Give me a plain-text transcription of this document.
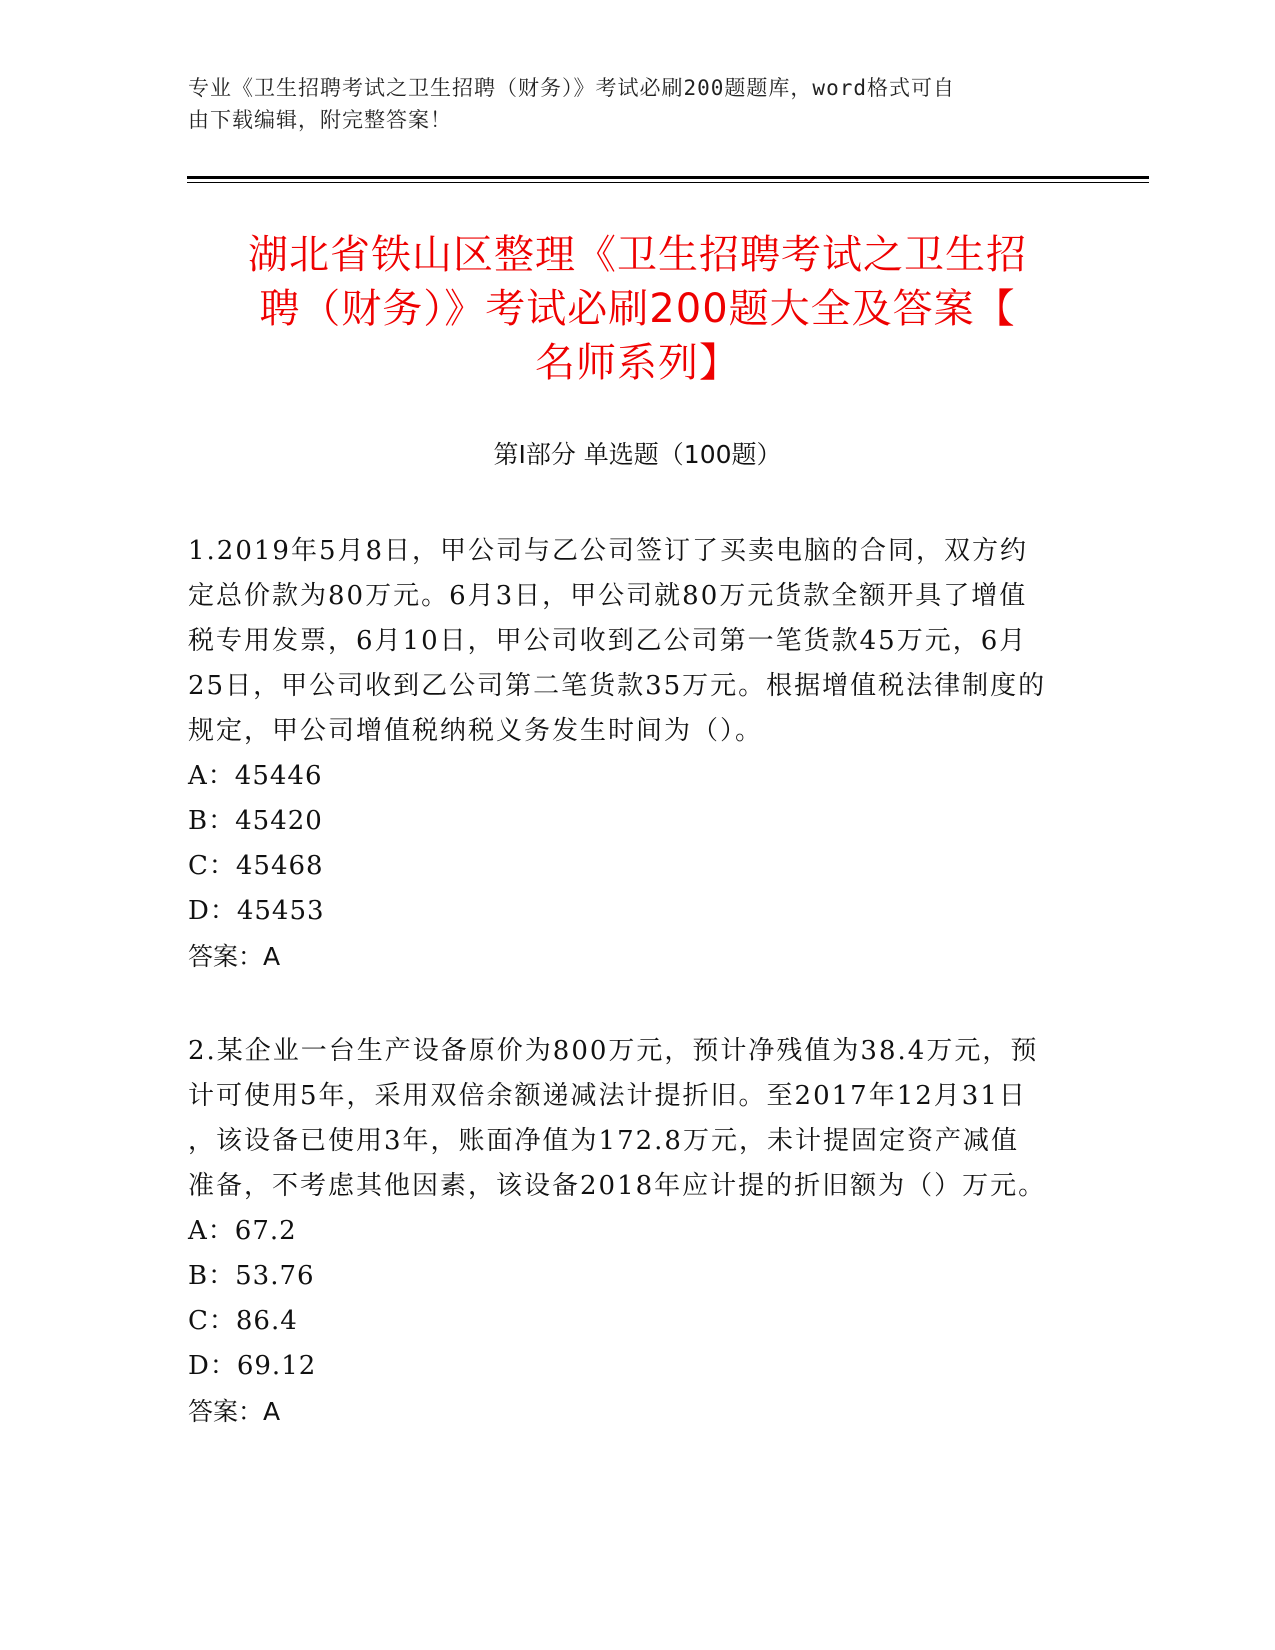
专业《卫生招聘考试之卫生招聘（财务）》考试必刷200题题库，word格式可自
由下载编辑，附完整答案！
湖北省铁山区整理《卫生招聘考试之卫生招
聘（财务）》考试必刷200题大全及答案【
名师系列】
第Ⅰ部分 单选题（100题）

1.2019年5月8日，甲公司与乙公司签订了买卖电脑的合同，双方约

定总价款为80万元。6月3日，甲公司就80万元货款全额开具了增值

税专用发票，6月10日，甲公司收到乙公司第一笔货款45万元，6月

25日，甲公司收到乙公司第二笔货款35万元。根据增值税法律制度的

规定，甲公司增值税纳税义务发生时间为（）。

A：45446

B：45420

C：45468

D：45453

答案：A

2.某企业一台生产设备原价为800万元，预计净残值为38.4万元，预

计可使用5年，采用双倍余额递减法计提折旧。至2017年12月31日

，该设备已使用3年，账面净值为172.8万元，未计提固定资产减值

准备，不考虑其他因素，该设备2018年应计提的折旧额为（）万元。

A：67.2

B：53.76

C：86.4

D：69.12

答案：A
